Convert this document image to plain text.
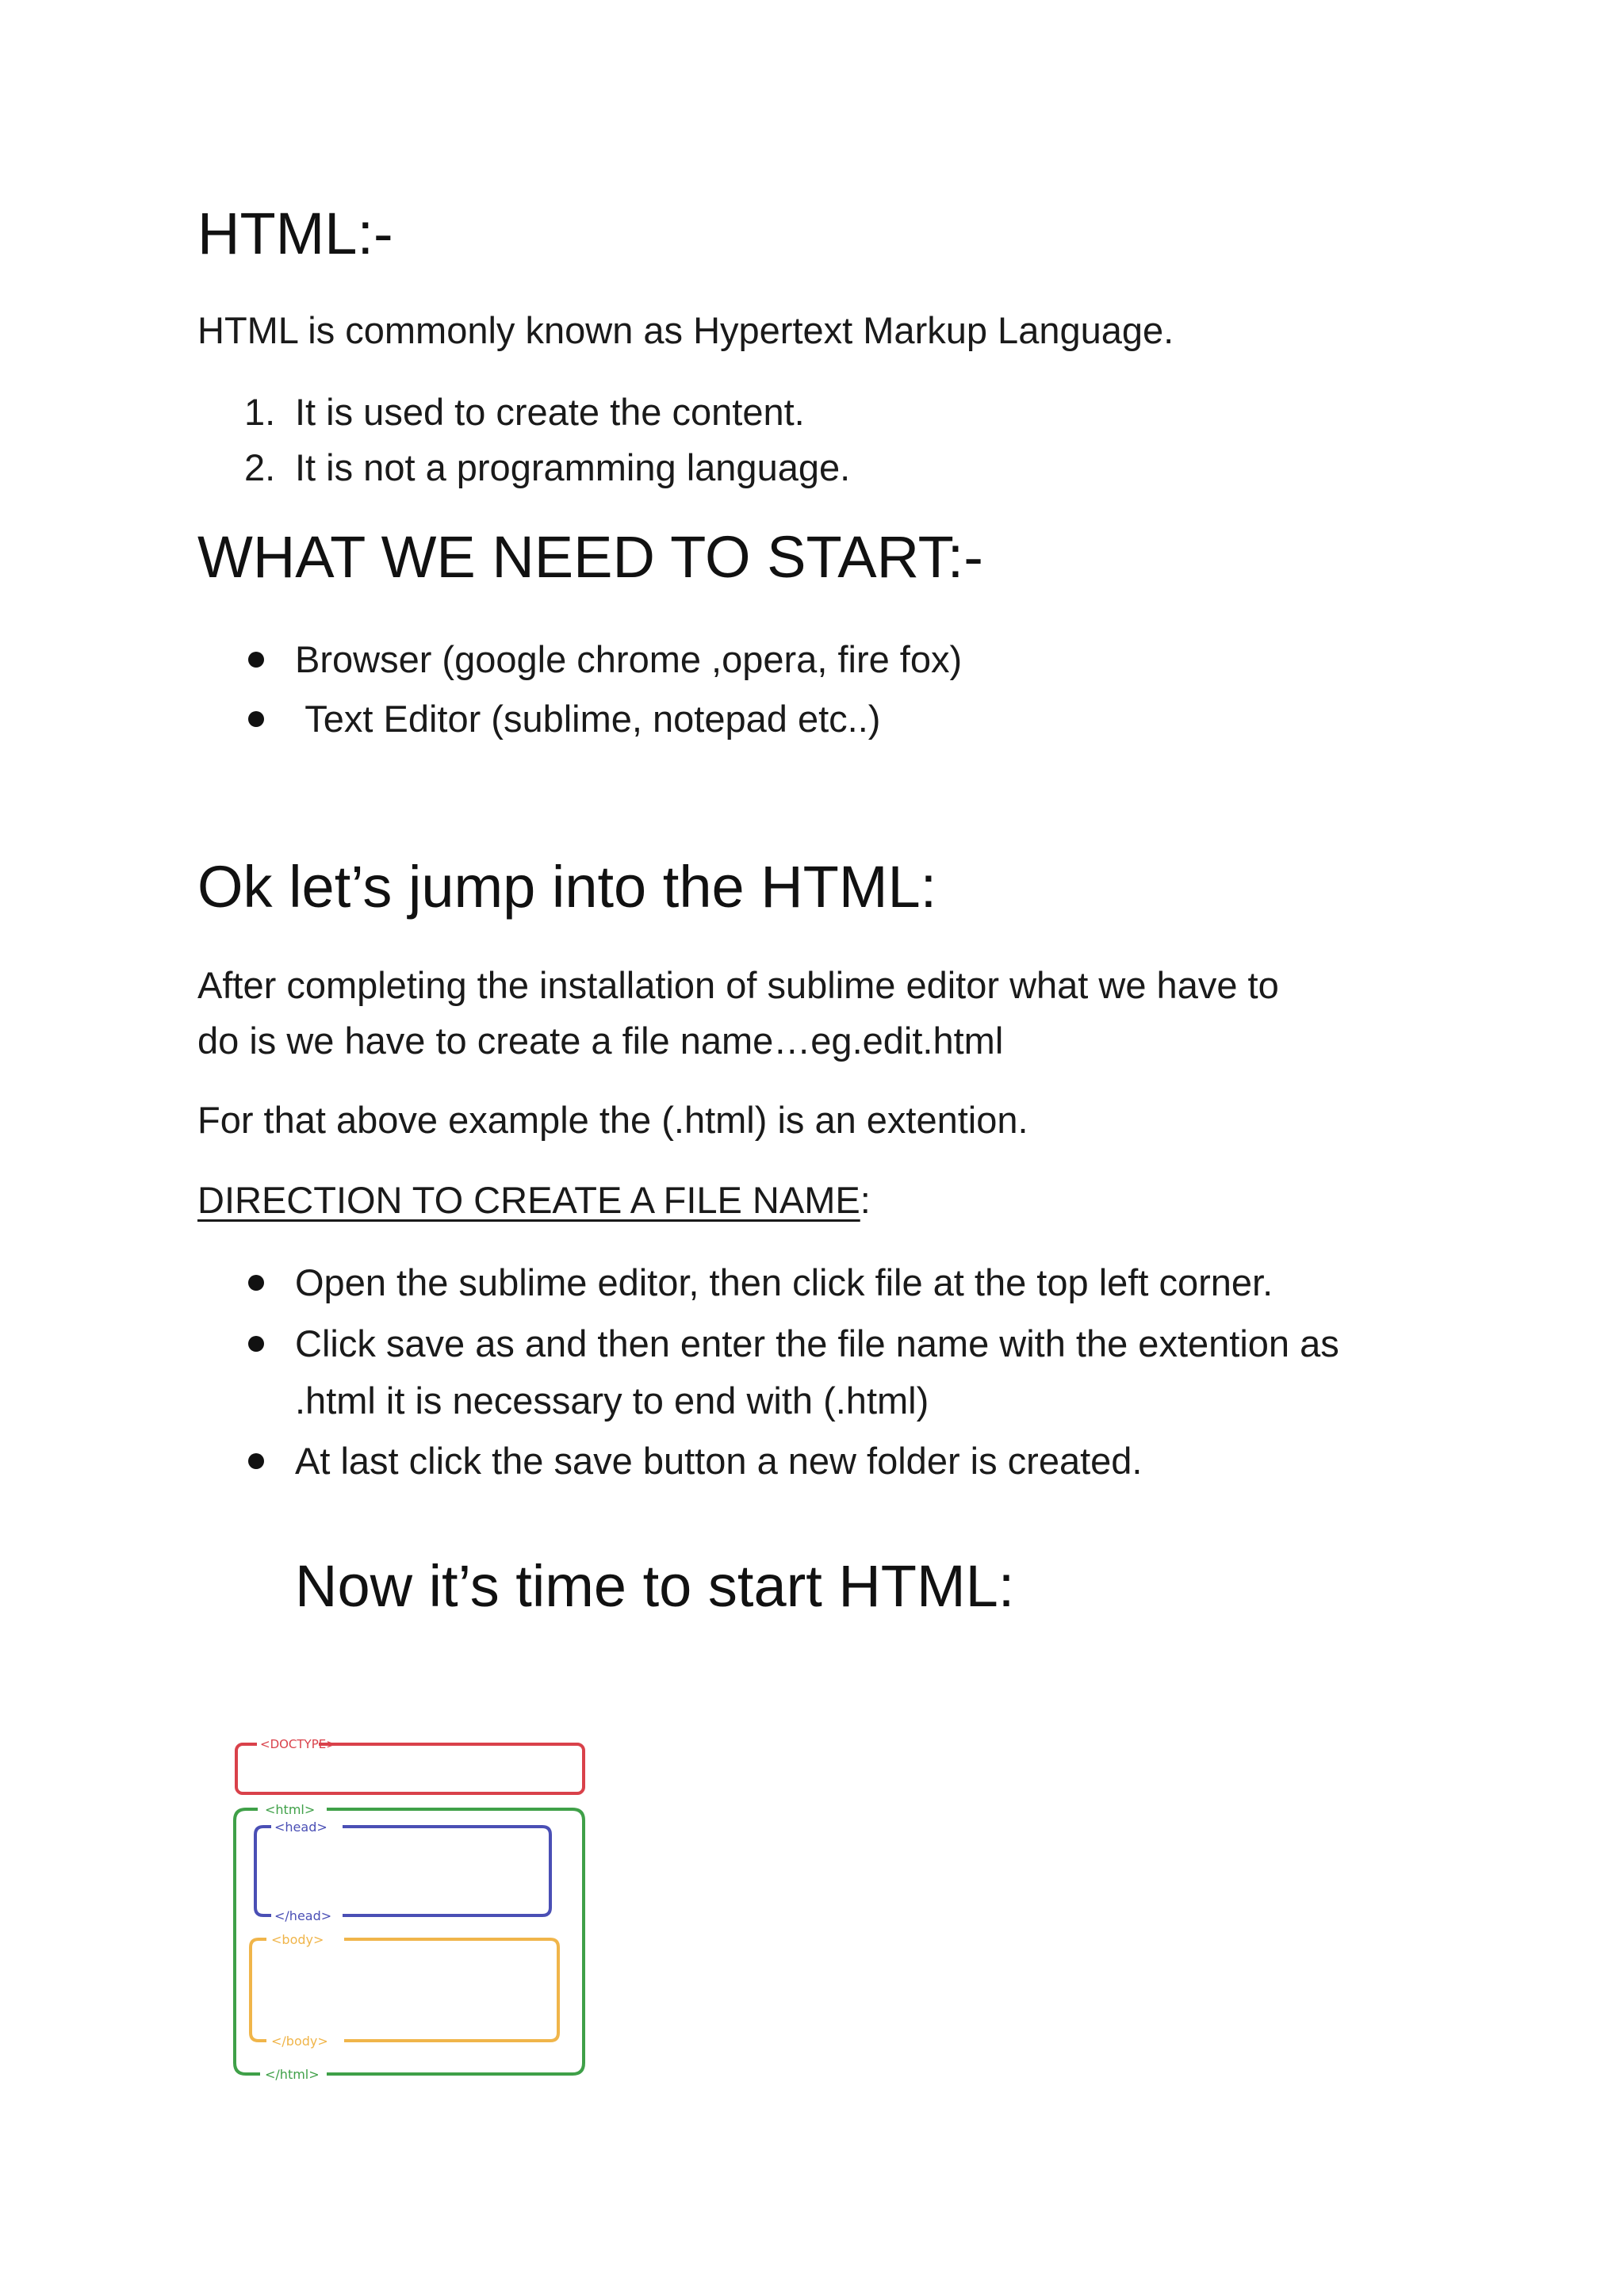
HTML:-

HTML is commonly known as Hypertext Markup Language.

1. It is used to create the content.

2. It is not a programming language.

WHAT WE NEED TO START:-

Browser (google chrome ,opera, fire fox)

Text Editor (sublime, notepad etc..)

Ok let’s jump into the HTML:

After completing the installation of sublime editor what we have to

do is we have to create a file name…eg.edit.html

For that above example the (.html) is an extention.

DIRECTION TO CREATE A FILE NAME:

Open the sublime editor, then click file at the top left corner.

Click save as and then enter the file name with the extention as

.html it is necessary to end with (.html)

At last click the save button a new folder is created.

Now it’s time to start HTML:
<DOCTYPE>
<html>
</html>
<head>
</head>
<body>
</body>
